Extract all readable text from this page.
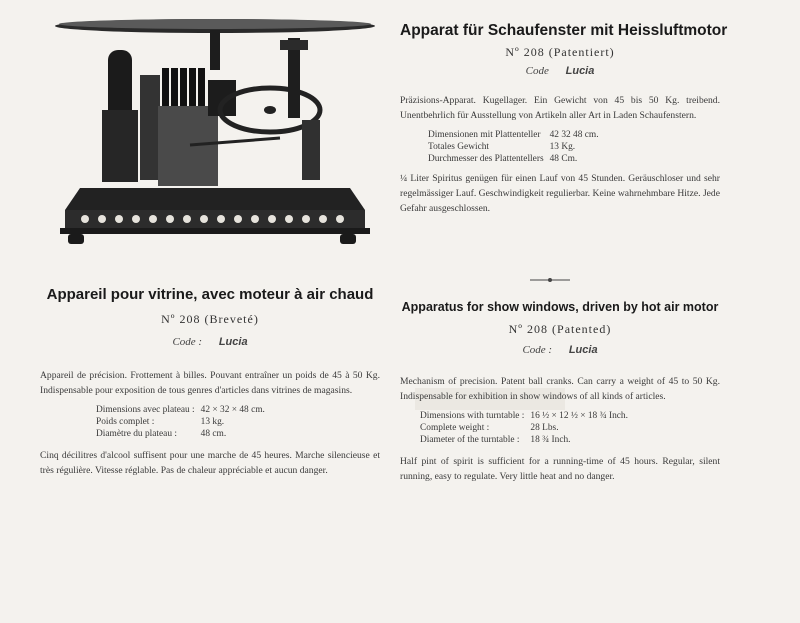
Apparat für Schaufenster mit Heissluftmotor
Nº 208 (Patentiert)
Code Lucia
Präzisions-Apparat. Kugellager. Ein Gewicht von 45 bis 50 Kg. treibend. Unentbehrlich für Ausstellung von Artikeln aller Art in Laden Schaufenstern.
Dimensionen mit Plattenteller	42 32 48 cm.
Totales Gewicht	13 Kg.
Durchmesser des Plattentellers	48 Cm.
¼ Liter Spiritus genügen für einen Lauf von 45 Stunden. Geräuschloser und sehr regelmässiger Lauf. Geschwindigkeit regulierbar. Keine wahrnehmbare Hitze. Jede Gefahr ausgeschlossen.
Appareil pour vitrine, avec moteur à air chaud
Nº 208 (Breveté)
Code : Lucia
Appareil de précision. Frottement à billes. Pouvant entraîner un poids de 45 à 50 Kg. Indispensable pour exposition de tous genres d'articles dans vitrines de magasins.
Dimensions avec plateau :	42 × 32 × 48 cm.
Poids complet :	13 kg.
Diamètre du plateau :	48 cm.
Cinq décilitres d'alcool suffisent pour une marche de 45 heures. Marche silencieuse et très régulière. Vitesse réglable. Pas de chaleur appréciable et aucun danger.
Apparatus for show windows, driven by hot air motor
Nº 208 (Patented)
Code : Lucia
Mechanism of precision. Patent ball cranks. Can carry a weight of 45 to 50 Kg. Indispensable for exhibition in show windows of all kinds of articles.
Dimensions with turntable :	16 ½ × 12 ½ × 18 ¾ Inch.
Complete weight :	28 Lbs.
Diameter of the turntable :	18 ¾ Inch.
Half pint of spirit is sufficient for a running-time of 45 hours. Regular, silent running, easy to regulate. Very little heat and no danger.
